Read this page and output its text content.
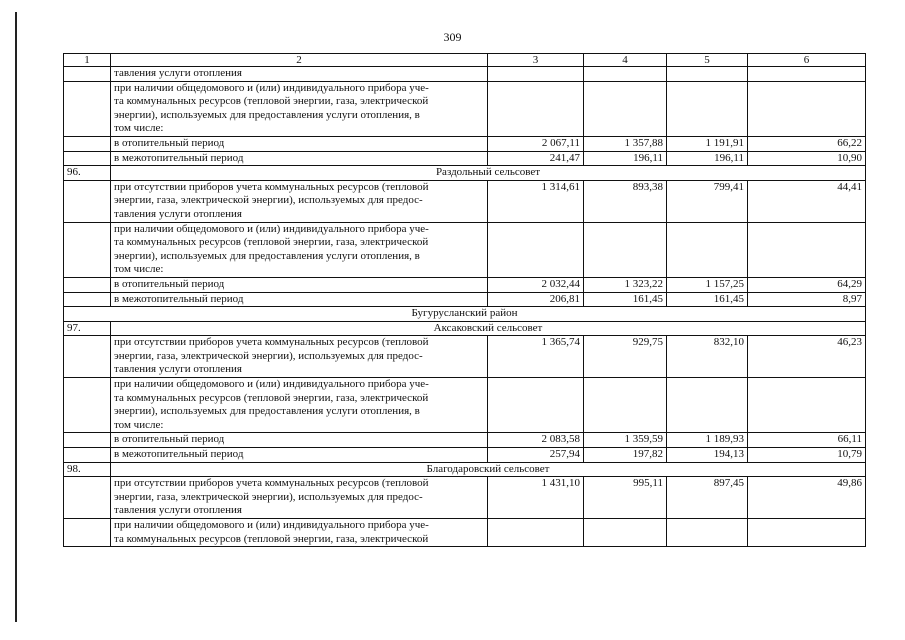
309
1	2	3	4	5	6
	тавления услуги отопления				
	при наличии общедомового и (или) индивидуального прибора уче-
та коммунальных ресурсов (тепловой энергии, газа, электрической
энергии), используемых для предоставления услуги отопления, в
том числе:				
	в отопительный период	2 067,11	1 357,88	1 191,91	66,22
	в межотопительный период	241,47	196,11	196,11	10,90
96.	Раздольный сельсовет				
	при отсутствии приборов учета коммунальных ресурсов (тепловой
энергии, газа, электрической энергии), используемых для предос-
тавления услуги отопления	1 314,61	893,38	799,41	44,41
	при наличии общедомового и (или) индивидуального прибора уче-
та коммунальных ресурсов (тепловой энергии, газа, электрической
энергии), используемых для предоставления услуги отопления, в
том числе:				
	в отопительный период	2 032,44	1 323,22	1 157,25	64,29
	в межотопительный период	206,81	161,45	161,45	8,97
Бугурусланский район					
97.	Аксаковский сельсовет				
	при отсутствии приборов учета коммунальных ресурсов (тепловой
энергии, газа, электрической энергии), используемых для предос-
тавления услуги отопления	1 365,74	929,75	832,10	46,23
	при наличии общедомового и (или) индивидуального прибора уче-
та коммунальных ресурсов (тепловой энергии, газа, электрической
энергии), используемых для предоставления услуги отопления, в
том числе:				
	в отопительный период	2 083,58	1 359,59	1 189,93	66,11
	в межотопительный период	257,94	197,82	194,13	10,79
98.	Благодаровский сельсовет				
	при отсутствии приборов учета коммунальных ресурсов (тепловой
энергии, газа, электрической энергии), используемых для предос-
тавления услуги отопления	1 431,10	995,11	897,45	49,86
	при наличии общедомового и (или) индивидуального прибора уче-
та коммунальных ресурсов (тепловой энергии, газа, электрической				
